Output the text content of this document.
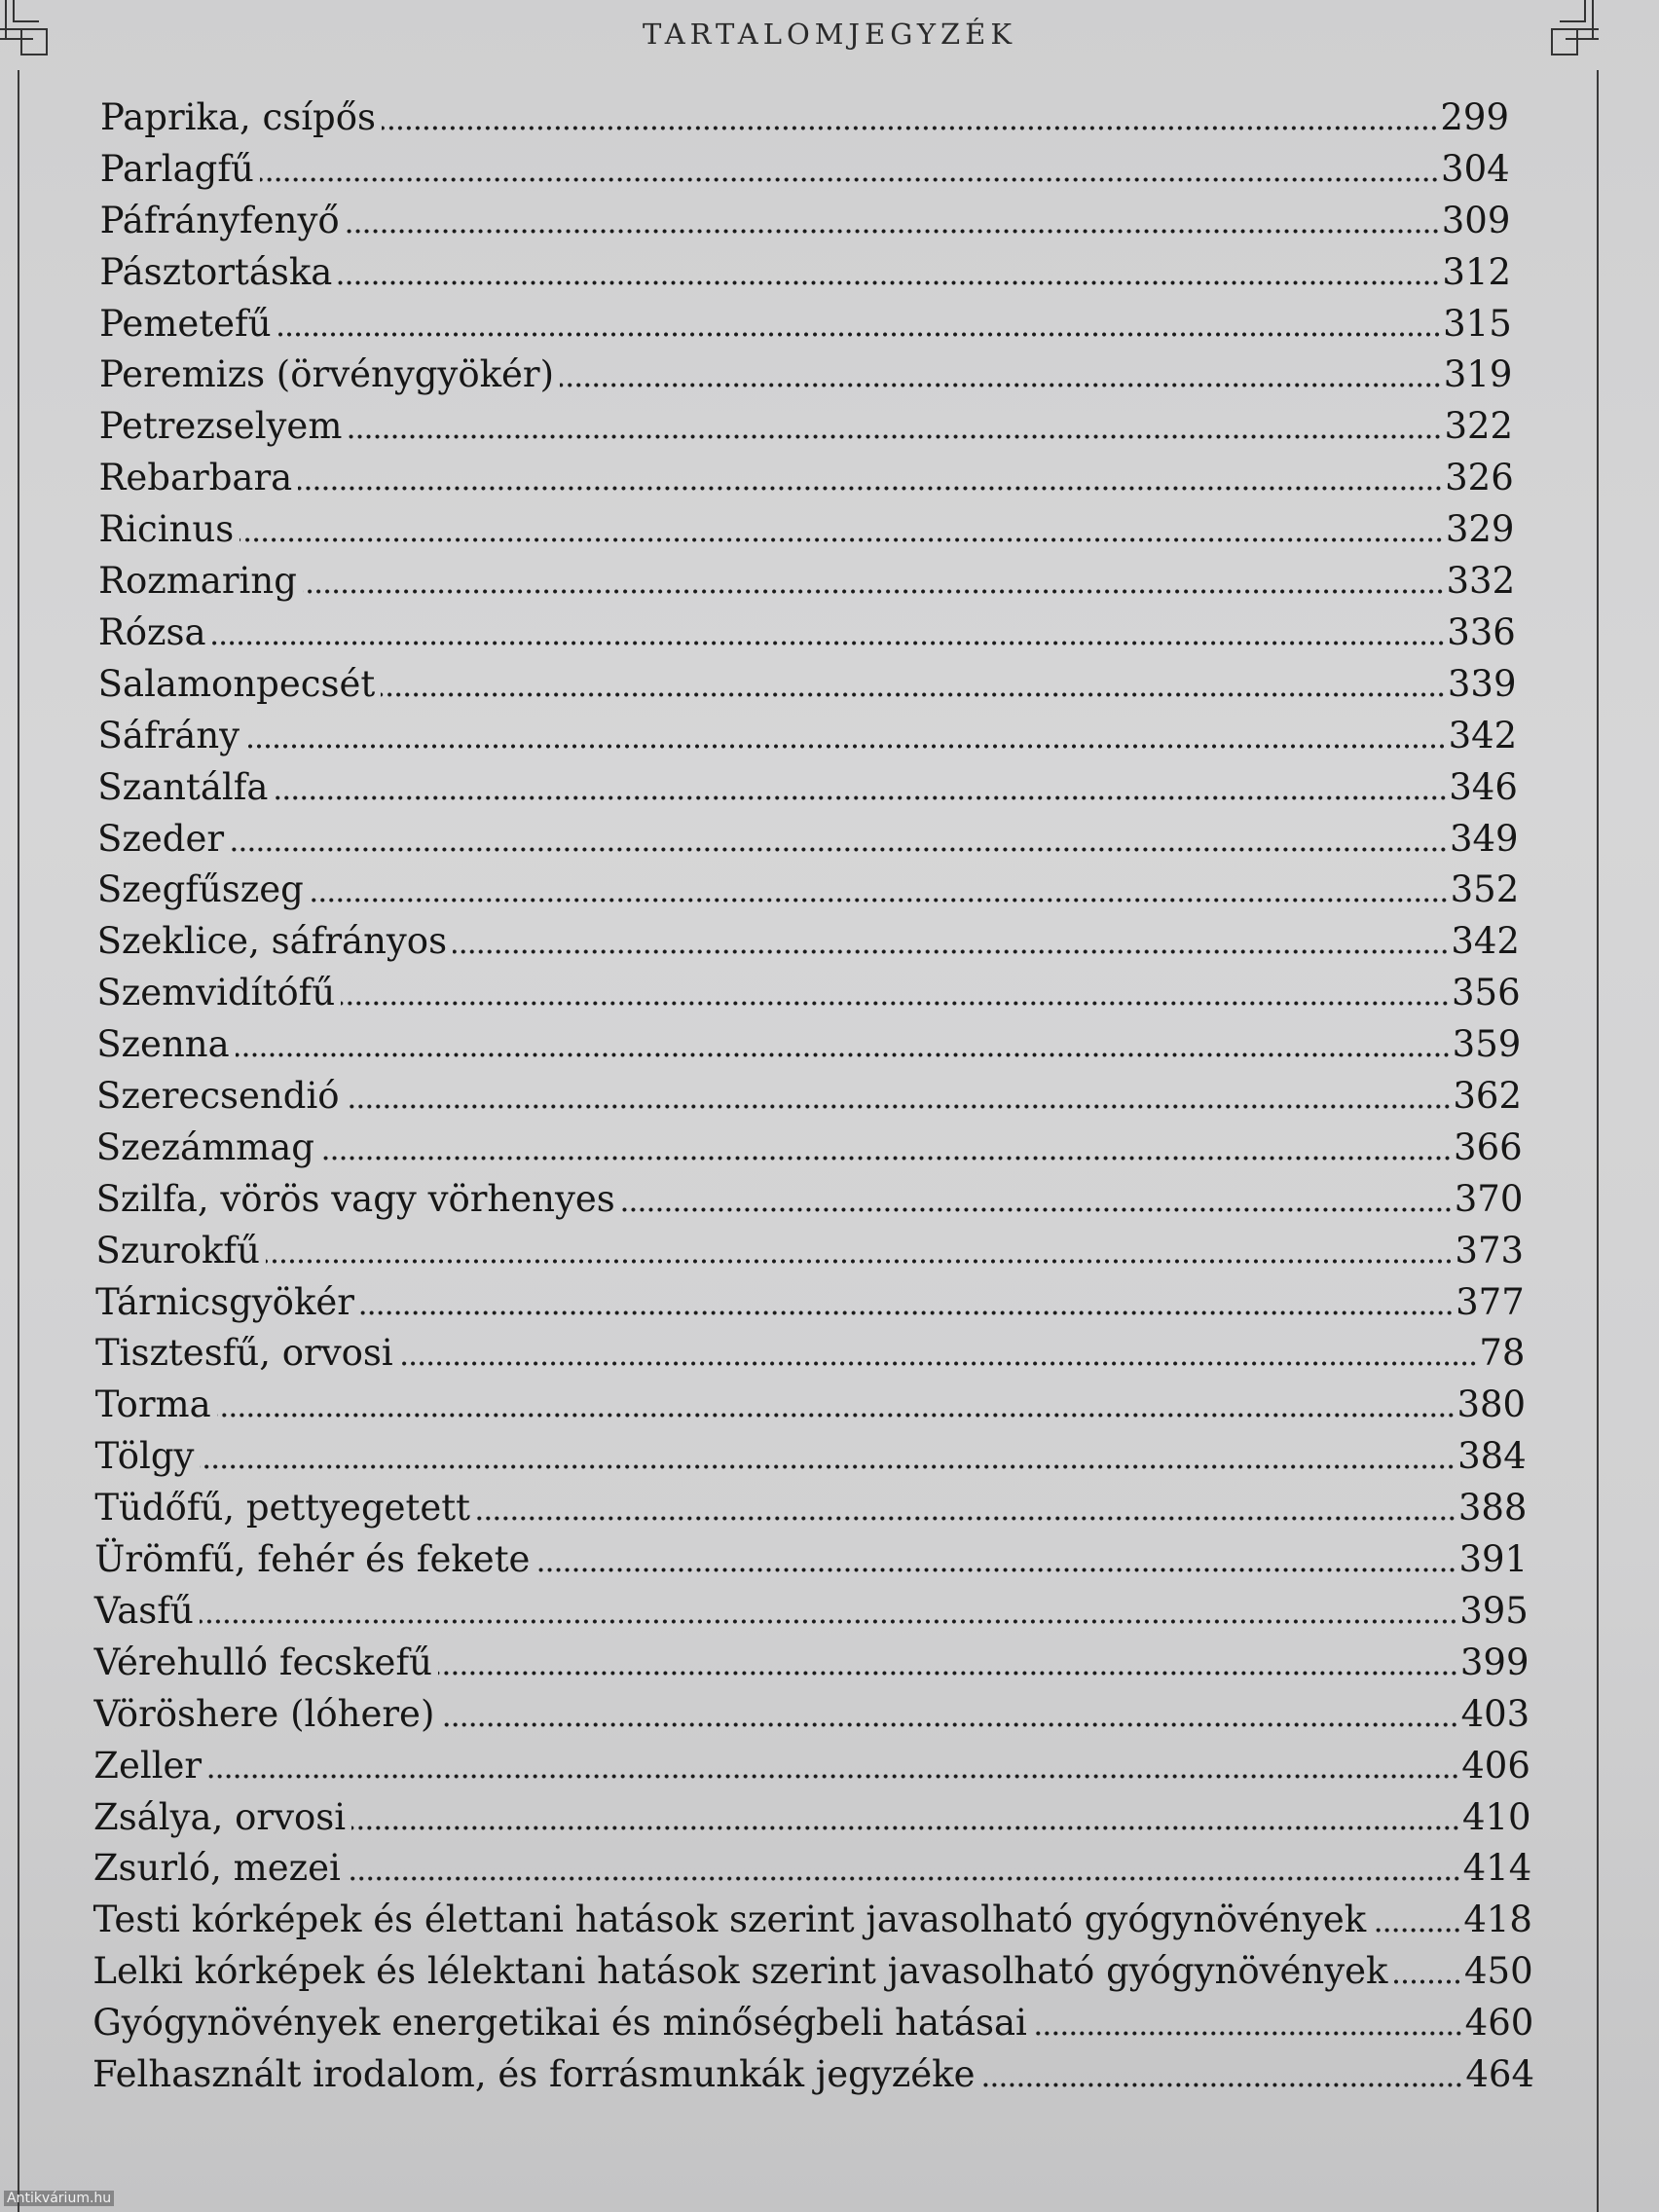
TARTALOMJEGYZÉK
Paprika, csípős	299
Parlagfű	304
Páfrányfenyő	309
Pásztortáska	312
Pemetefű	315
Peremizs (örvénygyökér)	319
Petrezselyem	322
Rebarbara	326
Ricinus	329
Rozmaring	332
Rózsa	336
Salamonpecsét	339
Sáfrány	342
Szantálfa	346
Szeder	349
Szegfűszeg	352
Szeklice, sáfrányos	342
Szemvidítófű	356
Szenna	359
Szerecsendió	362
Szezámmag	366
Szilfa, vörös vagy vörhenyes	370
Szurokfű	373
Tárnicsgyökér	377
Tisztesfű, orvosi	78
Torma	380
Tölgy	384
Tüdőfű, pettyegetett	388
Ürömfű, fehér és fekete	391
Vasfű	395
Vérehulló fecskefű	399
Vöröshere (lóhere)	403
Zeller	406
Zsálya, orvosi	410
Zsurló, mezei	414
Testi kórképek és élettani hatások szerint javasolható gyógynövények	418
Lelki kórképek és lélektani hatások szerint javasolható gyógynövények 450
Gyógynövények energetikai és minőségbeli hatásai	460
Felhasznált irodalom, és forrásmunkák jegyzéke	464
Antikvárium.hu
